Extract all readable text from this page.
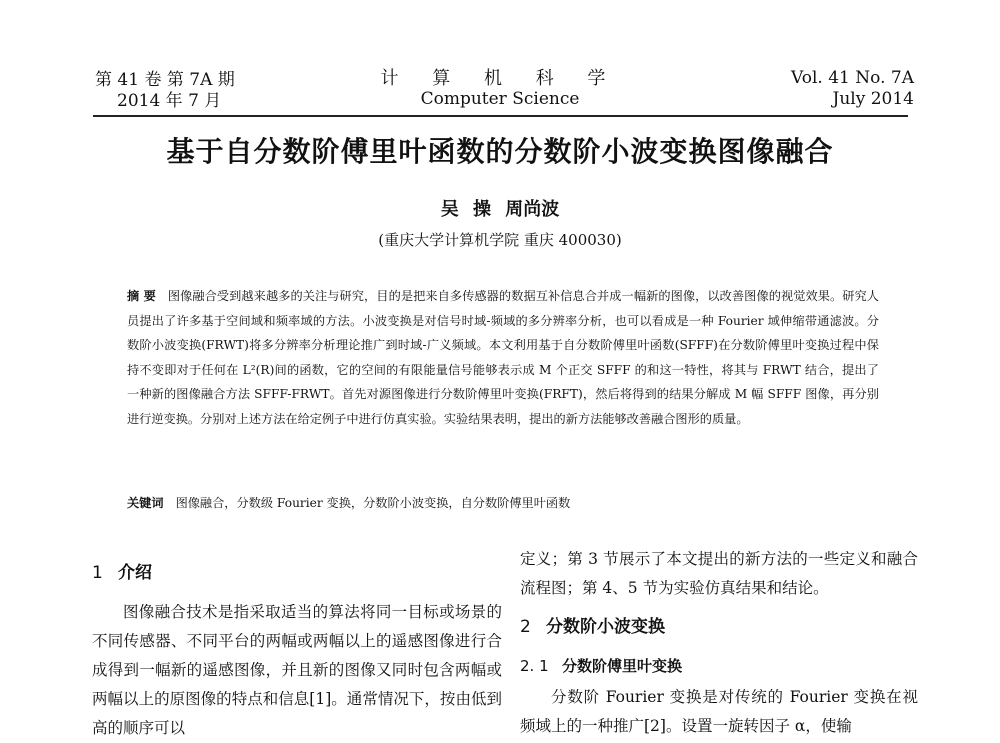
第 41 卷 第 7A 期
2014 年 7 月
计 算 机 科 学
Computer Science
Vol. 41 No. 7A
July 2014
基于自分数阶傅里叶函数的分数阶小波变换图像融合
吴 操 周尚波
(重庆大学计算机学院 重庆 400030)
摘 要 图像融合受到越来越多的关注与研究，目的是把来自多传感器的数据互补信息合并成一幅新的图像，以改善图像的视觉效果。研究人员提出了许多基于空间域和频率域的方法。小波变换是对信号时域-频域的多分辨率分析，也可以看成是一种 Fourier 域伸缩带通滤波。分数阶小波变换(FRWT)将多分辨率分析理论推广到时域-广义频域。本文利用基于自分数阶傅里叶函数(SFFF)在分数阶傅里叶变换过程中保持不变即对于任何在 L²(R)间的函数，它的空间的有限能量信号能够表示成 M 个正交 SFFF 的和这一特性，将其与 FRWT 结合，提出了一种新的图像融合方法 SFFF-FRWT。首先对源图像进行分数阶傅里叶变换(FRFT)，然后将得到的结果分解成 M 幅 SFFF 图像，再分别进行逆变换。分别对上述方法在给定例子中进行仿真实验。实验结果表明，提出的新方法能够改善融合图形的质量。
关键词 图像融合，分数级 Fourier 变换，分数阶小波变换，自分数阶傅里叶函数
1 介绍

图像融合技术是指采取适当的算法将同一目标或场景的不同传感器、不同平台的两幅或两幅以上的遥感图像进行合成得到一幅新的遥感图像，并且新的图像又同时包含两幅或两幅以上的原图像的特点和信息[1]。通常情况下，按由低到高的顺序可以

定义；第 3 节展示了本文提出的新方法的一些定义和融合流程图；第 4、5 节为实验仿真结果和结论。

2 分数阶小波变换
2. 1 分数阶傅里叶变换

分数阶 Fourier 变换是对传统的 Fourier 变换在视频域上的一种推广[2]。设置一旋转因子 α，使输
